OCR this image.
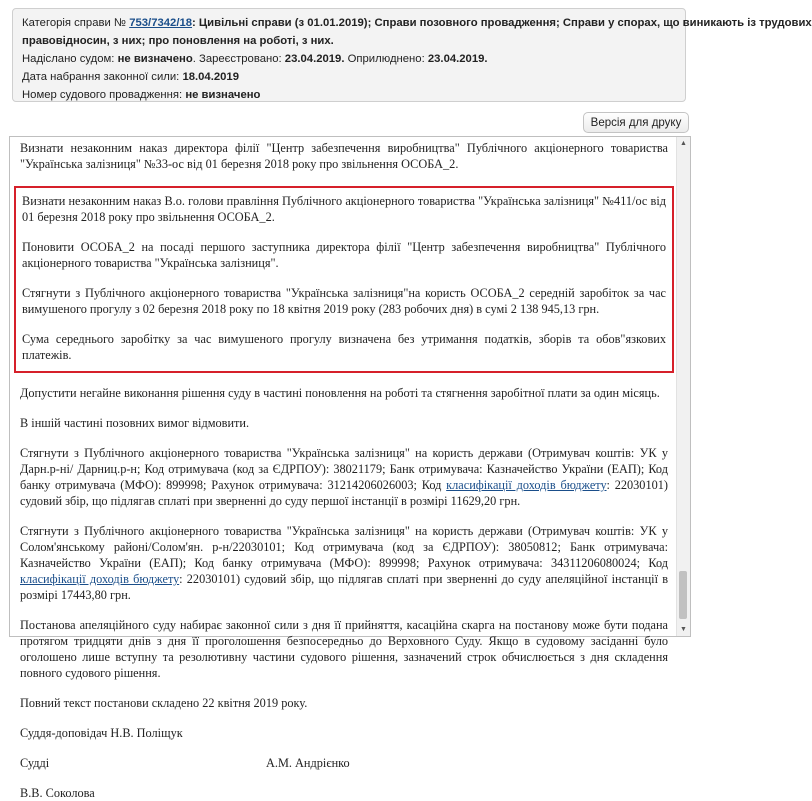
Категорія справи № 753/7342/18: Цивільні справи (з 01.01.2019); Справи позовного провадження; Справи у спорах, що виникають із трудових
правовідносин, з них; про поновлення на роботі, з них.
Надіслано судом: не визначено. Зареєстровано: 23.04.2019. Оприлюднено: 23.04.2019.
Дата набрання законної сили: 18.04.2019
Номер судового провадження: не визначено
Версія для друку

Визнати незаконним наказ директора філії "Центр забезпечення виробництва" Публічного акціонерного товариства "Українська залізниця" №33-ос від 01 березня 2018 року про звільнення ОСОБА_2.

Визнати незаконним наказ В.о. голови правління Публічного акціонерного товариства "Українська залізниця" №411/ос від 01 березня 2018 року про звільнення ОСОБА_2.

Поновити ОСОБА_2 на посаді першого заступника директора філії "Центр забезпечення виробництва" Публічного акціонерного товариства "Українська залізниця".

Стягнути з Публічного акціонерного товариства "Українська залізниця"на користь ОСОБА_2 середній заробіток за час вимушеного прогулу з 02 березня 2018 року по 18 квітня 2019 року (283 робочих дня) в сумі 2 138 945,13 грн.

Сума середнього заробітку за час вимушеного прогулу визначена без утримання податків, зборів та обов"язкових платежів.

Допустити негайне виконання рішення суду в частині поновлення на роботі та стягнення заробітної плати за один місяць.

В іншій частині позовних вимог відмовити.

Стягнути з Публічного акціонерного товариства "Українська залізниця" на користь держави (Отримувач коштів: УК у Дарн.р-ні/ Дарниц.р-н; Код отримувача (код за ЄДРПОУ): 38021179; Банк отримувача: Казначейство України (ЕАП); Код банку отримувача (МФО): 899998; Рахунок отримувача: 31214206026003; Код класифікації доходів бюджету: 22030101) судовий збір, що підлягав сплаті при зверненні до суду першої інстанції в розмірі 11629,20 грн.

Стягнути з Публічного акціонерного товариства "Українська залізниця" на користь держави (Отримувач коштів: УК у Солом'янському районі/Солом'ян. р-н/22030101; Код отримувача (код за ЄДРПОУ): 38050812; Банк отримувача: Казначейство України (ЕАП); Код банку отримувача (МФО): 899998; Рахунок отримувача: 34311206080024; Код класифікації доходів бюджету: 22030101) судовий збір, що підлягав сплаті при зверненні до суду апеляційної інстанції в розмірі 17443,80 грн.

Постанова апеляційного суду набирає законної сили з дня її прийняття, касаційна скарга на постанову може бути подана протягом тридцяти днів з дня її проголошення безпосередньо до Верховного Суду. Якщо в судовому засіданні було оголошено лише вступну та резолютивну частини судового рішення, зазначений строк обчислюється з дня складення повного судового рішення.

Повний текст постанови складено 22 квітня 2019 року.

Суддя-доповідач Н.В. Поліщук

Судді	А.М. Андрієнко

В.В. Соколова

▲
▼
